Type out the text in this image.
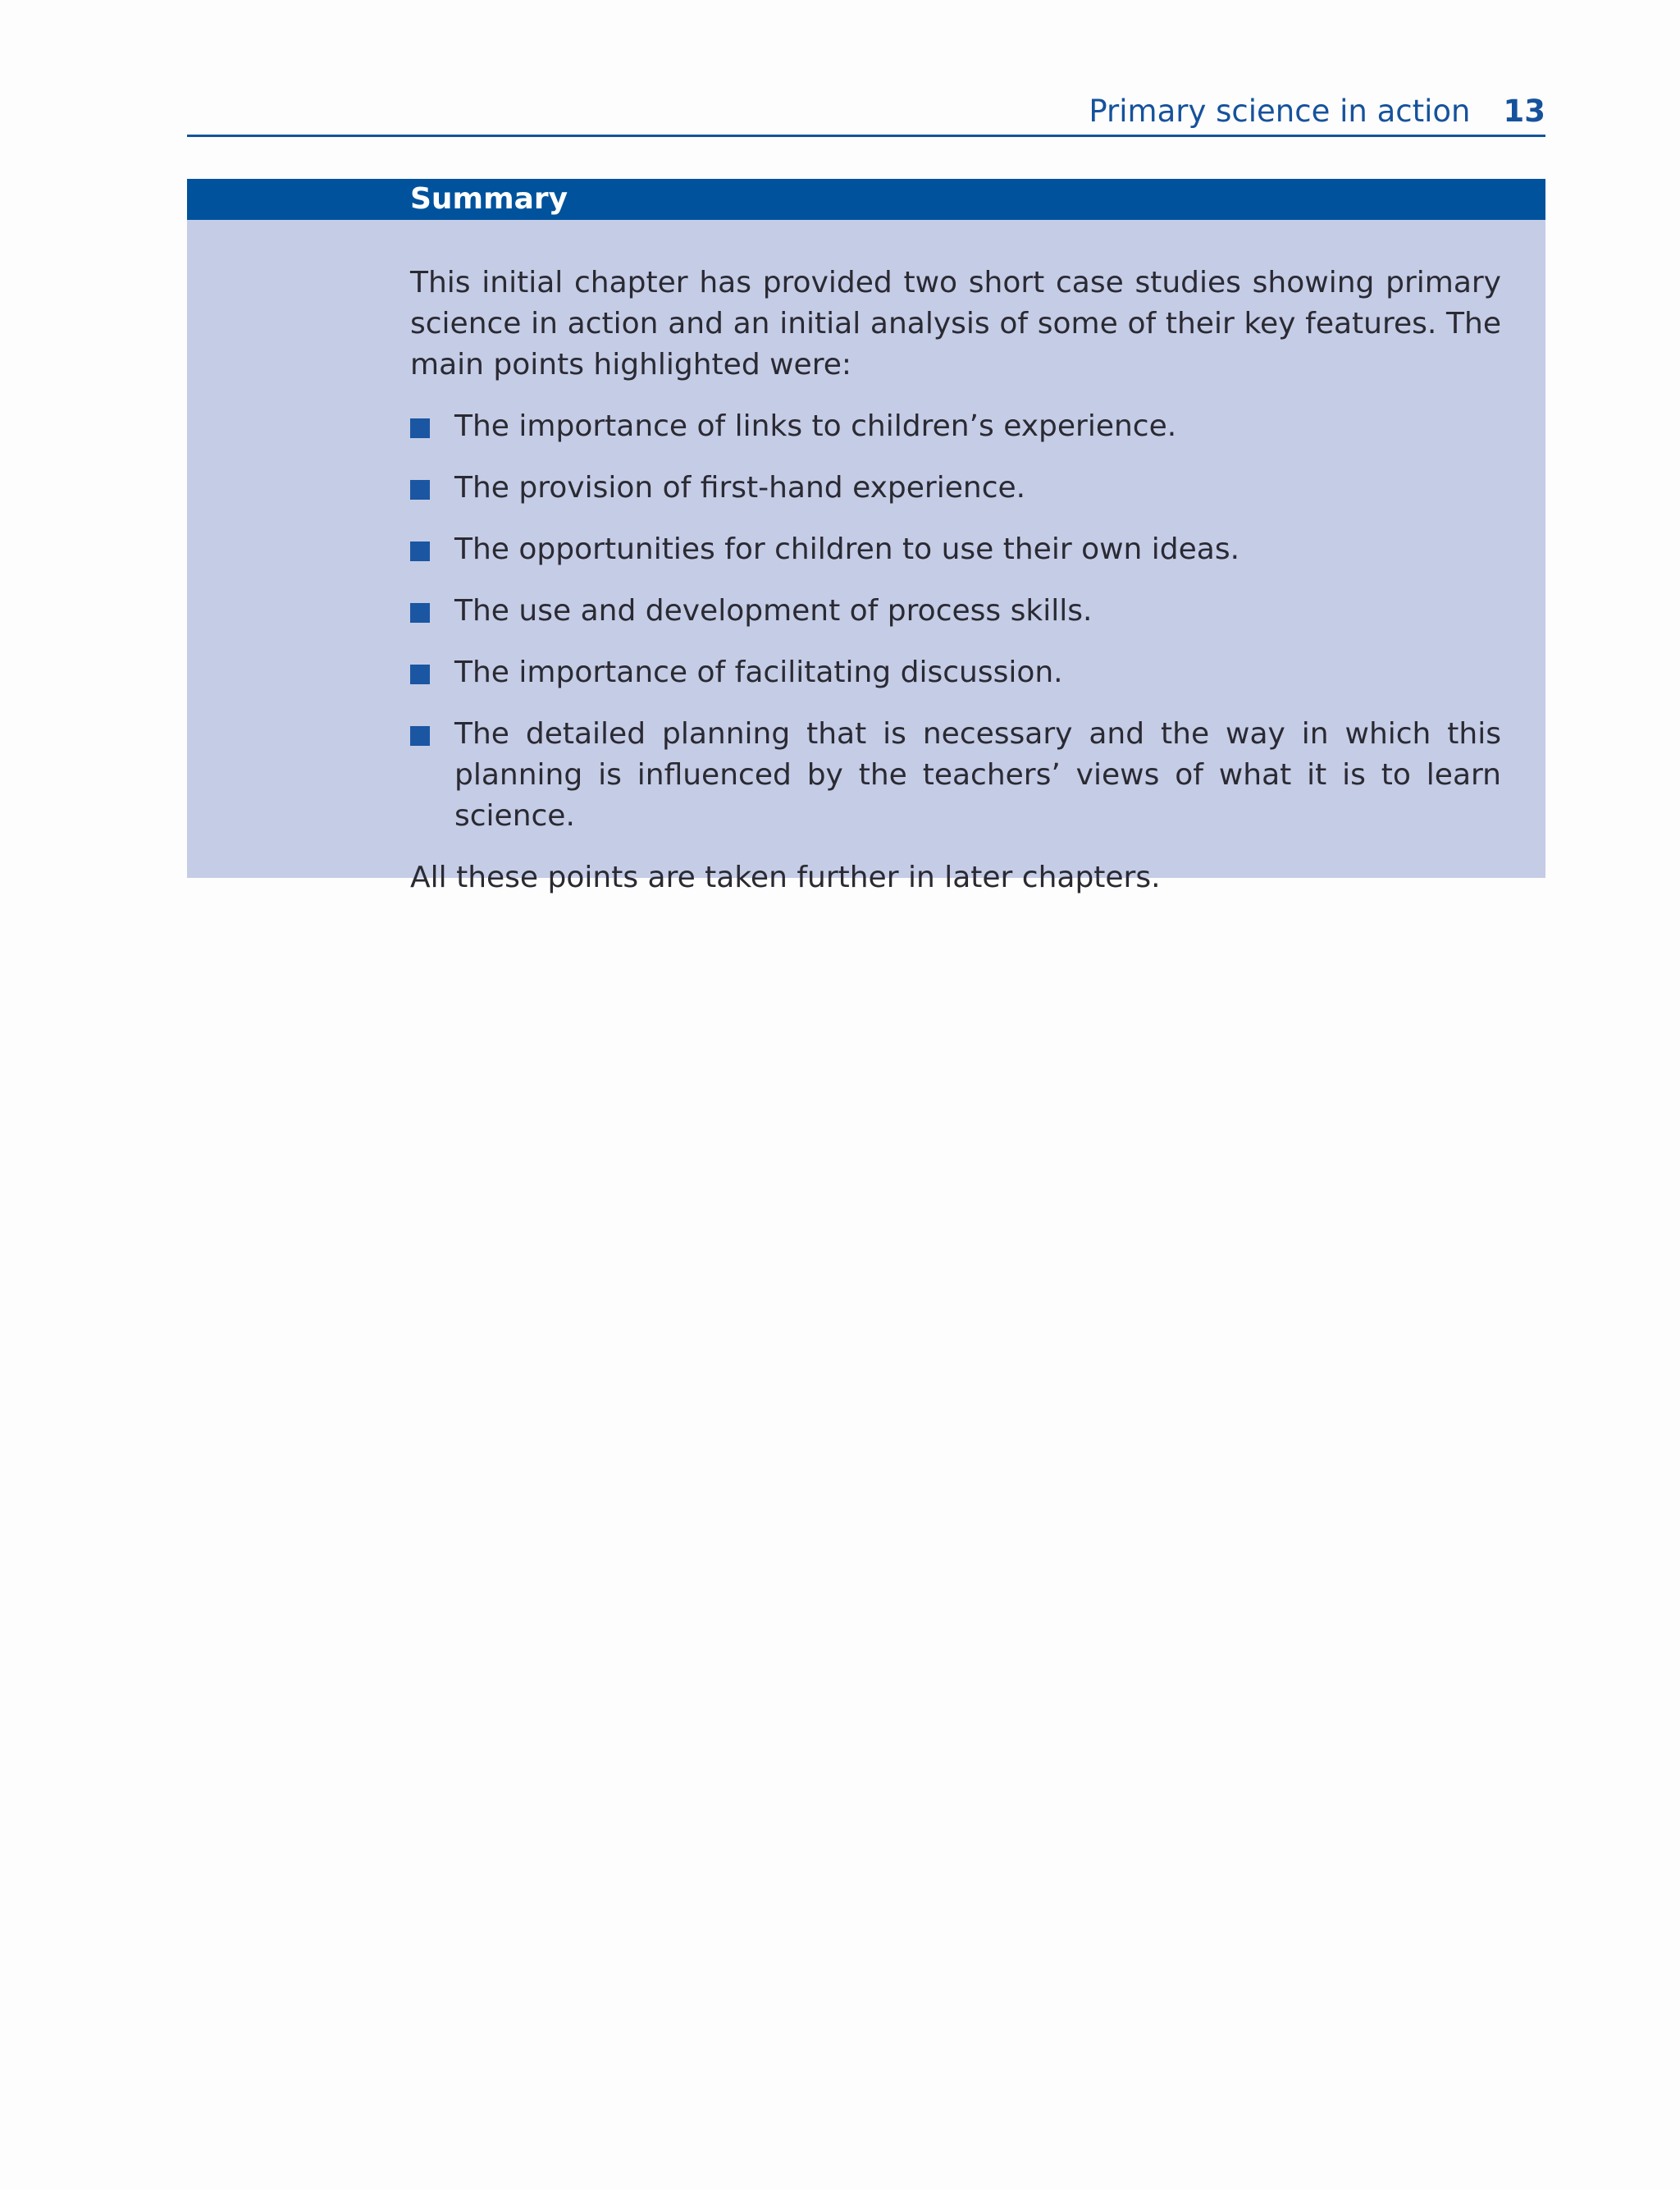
Primary science in action 13
Summary

This initial chapter has provided two short case studies showing primary science in action and an initial analysis of some of their key features. The main points highlighted were:

The importance of links to children’s experience.
The provision of first-hand experience.
The opportunities for children to use their own ideas.
The use and development of process skills.
The importance of facilitating discussion.
The detailed planning that is necessary and the way in which this planning is influenced by the teachers’ views of what it is to learn science.

All these points are taken further in later chapters.
